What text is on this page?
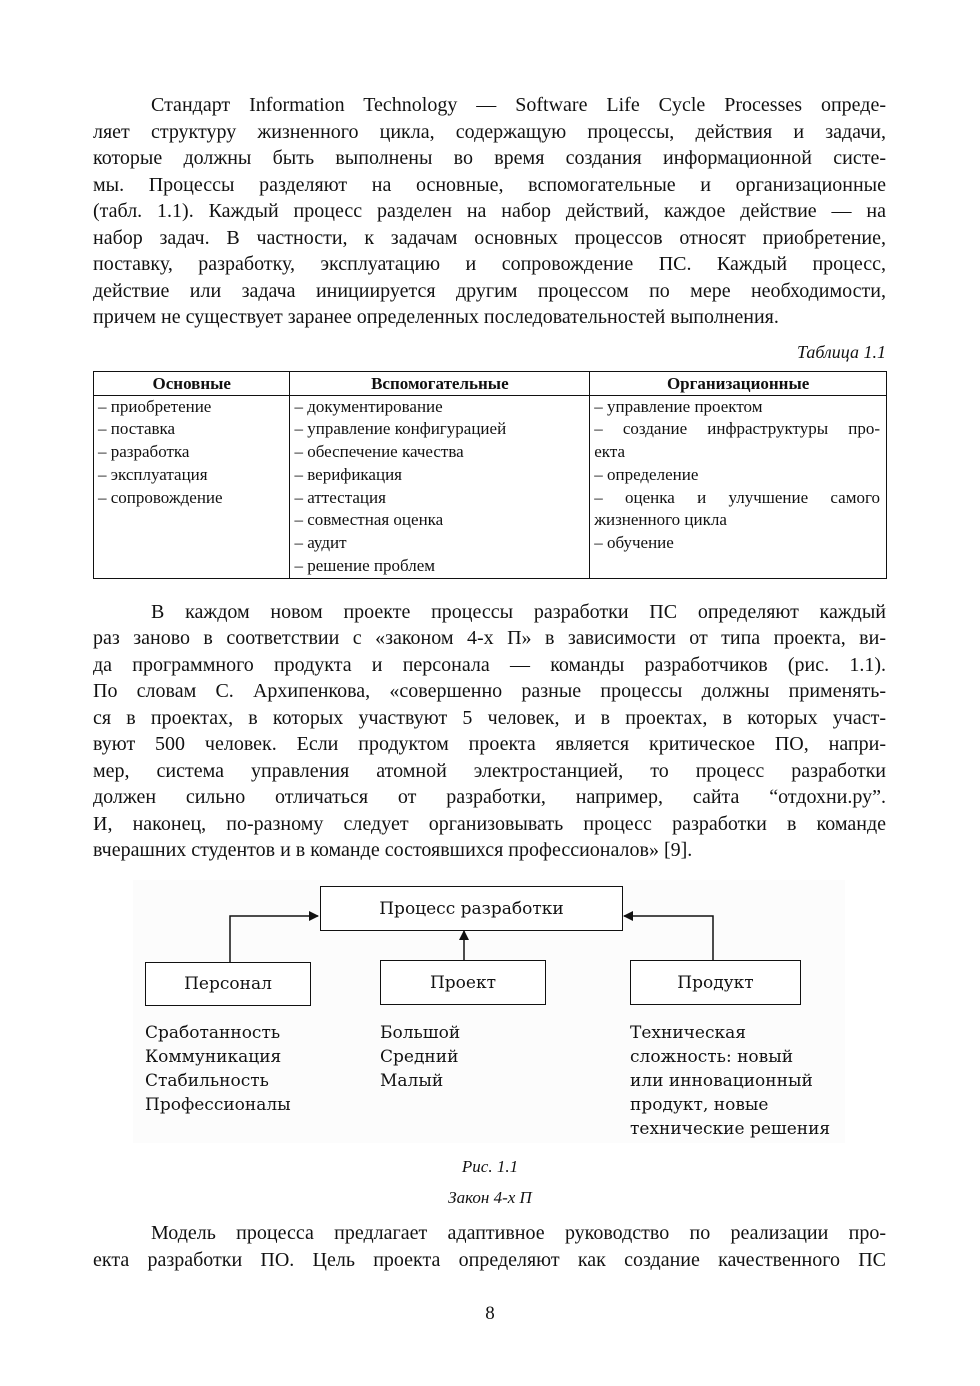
Стандарт Information Technology — Software Life Cycle Processes опреде-
ляет структуру жизненного цикла, содержащую процессы, действия и задачи,
которые должны быть выполнены во время создания информационной систе-
мы. Процессы разделяют на основные, вспомогательные и организационные
(табл. 1.1). Каждый процесс разделен на набор действий, каждое действие — на
набор задач. В частности, к задачам основных процессов относят приобретение,
поставку, разработку, эксплуатацию и сопровождение ПС. Каждый процесс,
действие или задача инициируется другим процессом по мере необходимости,
причем не существует заранее определенных последовательностей выполнения.
Таблица 1.1
Основные	Вспомогательные	Организационные

– приобретение
– поставка
– разработка
– эксплуатация
– сопровождение

– документирование
– управление конфигурацией
– обеспечение качества
– верификация
– аттестация
– совместная оценка
– аудит
– решение проблем

– управление проектом
– создание инфраструктуры про-
екта
– определение
– оценка и улучшение самого
жизненного цикла
– обучение
В каждом новом проекте процессы разработки ПС определяют каждый
раз заново в соответствии с «законом 4-х П» в зависимости от типа проекта, ви-
да программного продукта и персонала — команды разработчиков (рис. 1.1).
По словам С. Архипенкова, «совершенно разные процессы должны применять-
ся в проектах, в которых участвуют 5 человек, и в проектах, в которых участ-
вуют 500 человек. Если продуктом проекта является критическое ПО, напри-
мер, система управления атомной электростанцией, то процесс разработки
должен сильно отличаться от разработки, например, сайта “отдохни.ру”.
И, наконец, по-разному следует организовывать процесс разработки в команде
вчерашних студентов и в команде состоявшихся профессионалов» [9].
Процесс разработки
Персонал	Проект	Продукт
Сработанность
Коммуникация
Стабильность
Профессионалы
Большой
Средний
Малый
Техническая
сложность: новый
или инновационный
продукт, новые
технические решения
Рис. 1.1
Закон 4-х П
Модель процесса предлагает адаптивное руководство по реализации про-
екта разработки ПО. Цель проекта определяют как создание качественного ПС
8
